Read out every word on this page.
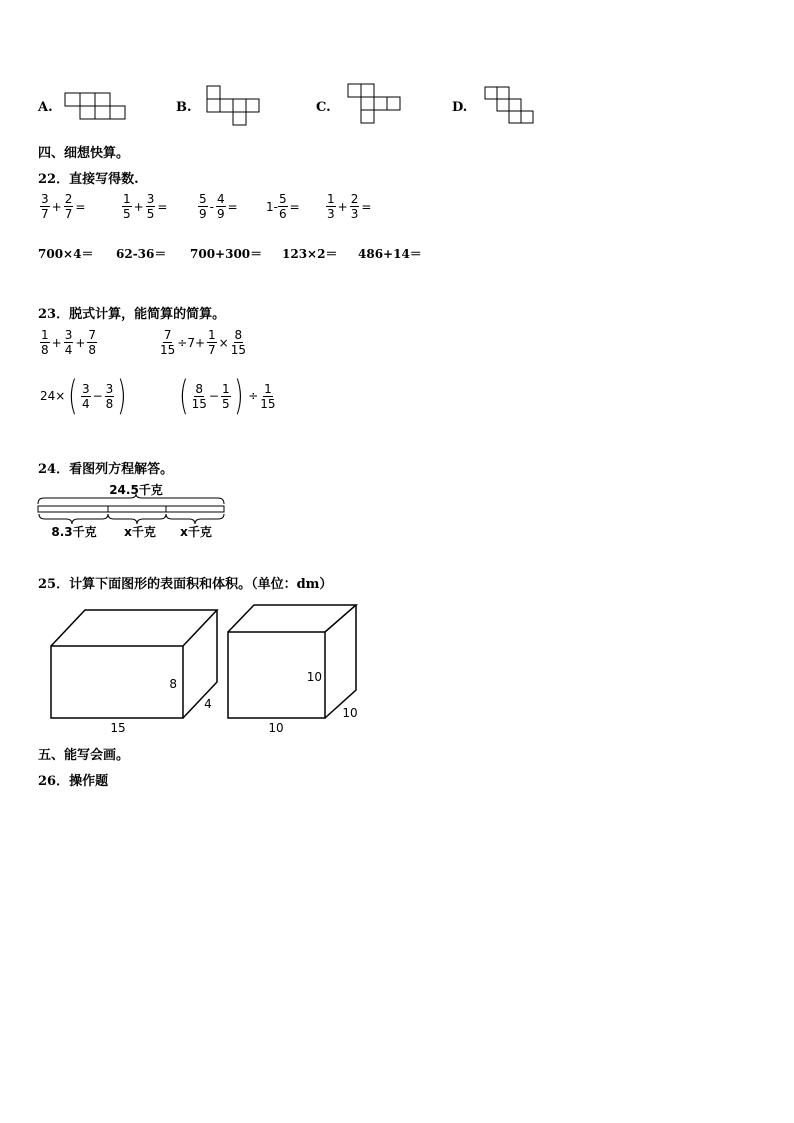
A.	B.	C.	D.
四、细想快算。
22．直接写得数.
$\frac{3}{7} + \frac{2}{7}$ =	$\frac{1}{5} + \frac{3}{5}$ =	$\frac{5}{9} - \frac{4}{9} = 1- \frac{5}{6} = \frac{1}{3} + \frac{2}{3}$ =
700×4＝ 62-36＝ 700+300＝ 123×2＝ 486+14＝
23．脱式计算，能简算的简算。
$\frac{1}{8} + \frac{3}{4} + \frac{7}{8}$	$\frac{7}{15} \div 7+ \frac{1}{7} \times \frac{8}{15}$
24× ( $\frac{3}{4} - \frac{3}{8}$ ) ( $\frac{8}{15} - \frac{1}{5}$ ) ÷ $\frac{1}{15}$
24．看图列方程解答。
24.5千克
8.3千克 x千克 x千克
25．计算下面图形的表面积和体积。（单位：dm）
8
4
15
10
10
10
五、能写会画。
26．操作题
